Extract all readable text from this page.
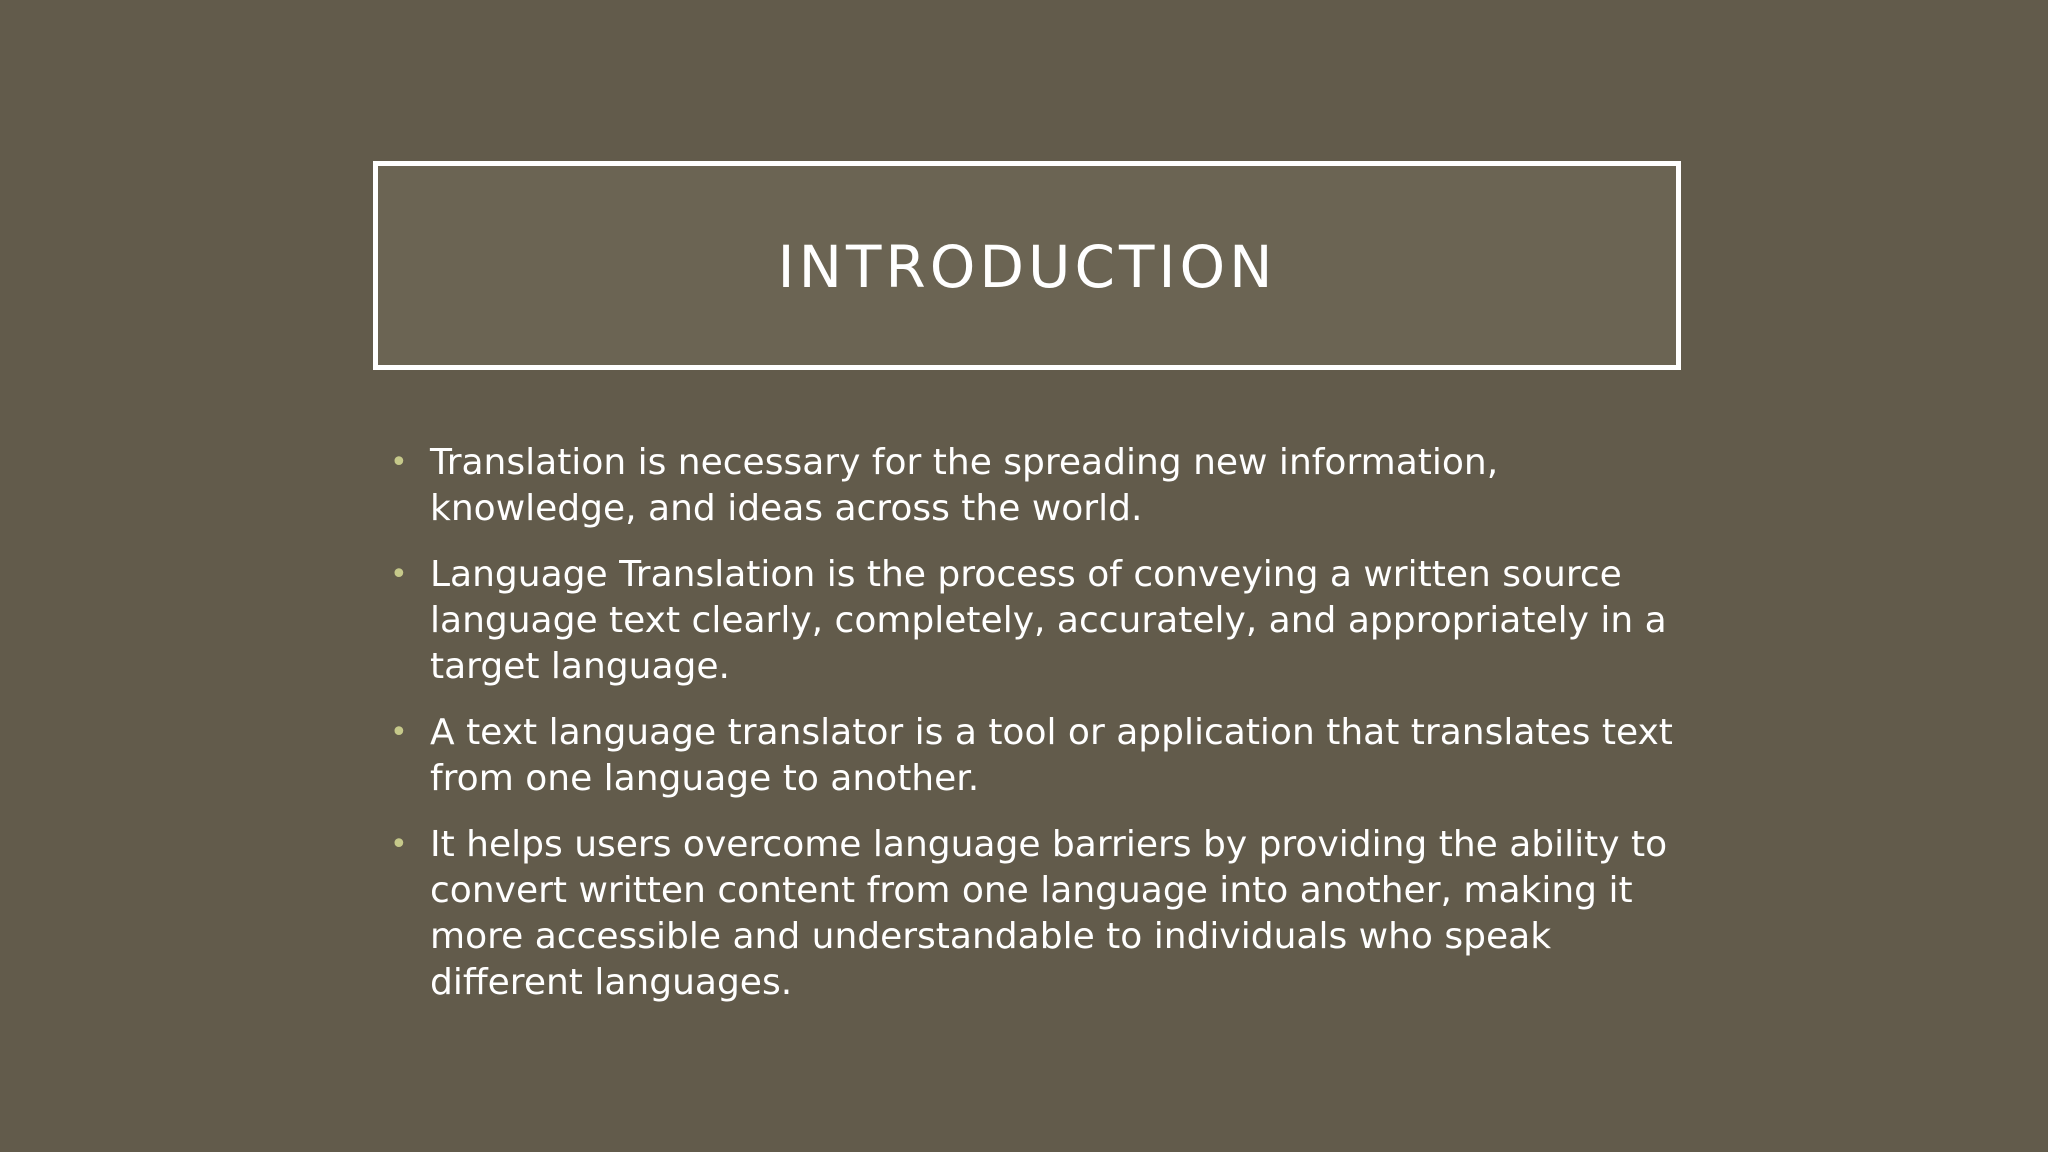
INTRODUCTION
• Translation is necessary for the spreading new information, knowledge, and ideas across the world.
• Language Translation is the process of conveying a written source language text clearly, completely, accurately, and appropriately in a target language.
• A text language translator is a tool or application that translates text from one language to another.
• It helps users overcome language barriers by providing the ability to convert written content from one language into another, making it more accessible and understandable to individuals who speak different languages.
